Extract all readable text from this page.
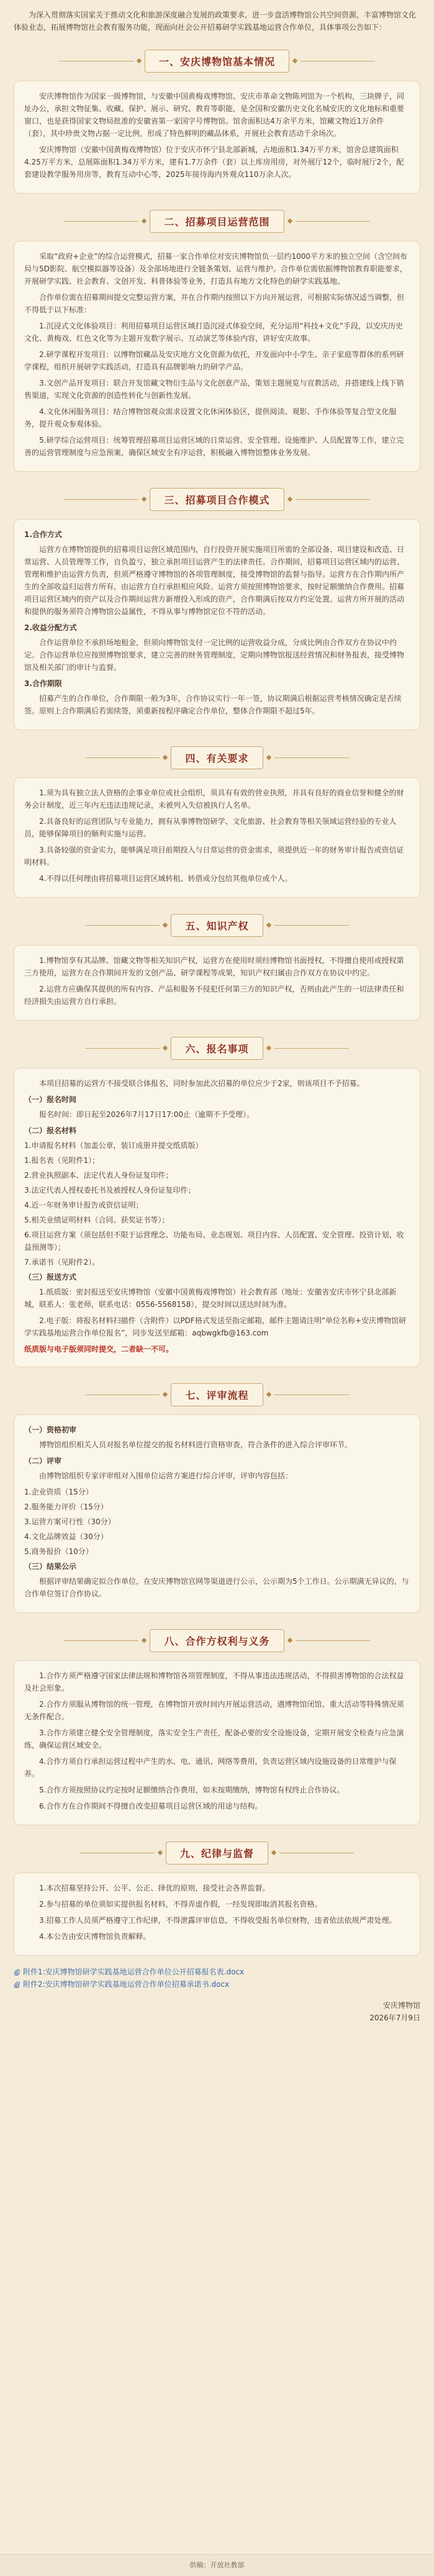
为深入贯彻落实国家关于推动文化和旅游深度融合发展的政策要求，进一步盘活博物馆公共空间资源，丰富博物馆文化体验业态，拓展博物馆社会教育服务功能，现面向社会公开招募研学实践基地运营合作单位，具体事项公告如下：

一、安庆博物馆基本情况

安庆博物馆作为国家一级博物馆，与安徽中国黄梅戏博物馆、安庆市革命文物陈列馆为一个机构，三块牌子，同址办公，承担文物征集、收藏、保护、展示、研究、教育等职能，是全国和安徽历史文化名城安庆的文化地标和重要窗口，也是获得国家文物局批准的安徽省第一家国字号博物馆。馆舍面积达4万余平方米，馆藏文物近1万余件（套），其中珍贵文物占据一定比例，形成了特色鲜明的藏品体系，开展社会教育活动千余场次。

安庆博物馆（安徽中国黄梅戏博物馆）位于安庆市怀宁县北部新城，占地面积1.34万平方米，馆舍总建筑面积4.25万平方米，总展陈面积1.34万平方米，建有1.7万余件（套）以上库房用房，对外展厅12个，临时展厅2个，配套建设教学服务用房等，教育互动中心等，2025年接待海内外观众110万余人次。

二、招募项目运营范围

采取“政府+企业”的综合运营模式，招募一家合作单位对安庆博物馆负一层约1000平方米的独立空间（含空间布局与5D影院、航空模拟器等设备）及全部场地进行全链条策划、运营与维护。合作单位需依据博物馆教育职能要求，开展研学实践、社会教育、文创开发、科普体验等业务，打造具有地方文化特色的研学实践基地。

合作单位需在招募期间提交完整运营方案，并在合作期内按照以下方向开展运营，可根据实际情况适当调整，但不得低于以下标准：

1.沉浸式文化体验项目：利用招募项目运营区域打造沉浸式体验空间，充分运用“科技+文化”手段，以安庆历史文化、黄梅戏、红色文化等为主题开发数字展示、互动演艺等体验内容，讲好安庆故事。

2.研学课程开发项目：以博物馆藏品及安庆地方文化资源为依托，开发面向中小学生、亲子家庭等群体的系列研学课程，组织开展研学实践活动，打造具有品牌影响力的研学产品。

3.文创产品开发项目：联合开发馆藏文物衍生品与文化创意产品，策划主题展览与宣教活动，并搭建线上线下销售渠道，实现文化资源的创造性转化与创新性发展。

4.文化休闲服务项目：结合博物馆观众需求设置文化休闲体验区，提供阅读、观影、手作体验等复合型文化服务，提升观众参观体验。

5.研学综合运营项目：统筹管理招募项目运营区域的日常运营、安全管理、设施维护、人员配置等工作，建立完善的运营管理制度与应急预案，确保区域安全有序运营，积极融入博物馆整体业务发展。

三、招募项目合作模式

1.合作方式

运营方在博物馆提供的招募项目运营区域范围内，自行投资开展实施项目所需的全部设备、项目建设和改造、日常运营、人员管理等工作，自负盈亏，独立承担项目运营产生的法律责任。合作期间，招募项目运营区域内的运营、管理和维护由运营方负责，但须严格遵守博物馆的各项管理制度，接受博物馆的监督与指导。运营方在合作期内所产生的全部收益归运营方所有，由运营方自行承担相应风险。运营方须按照博物馆要求，按时足额缴纳合作费用。招募项目运营区域内的资产以及合作期间运营方新增投入形成的资产，合作期满后按双方约定处置。运营方所开展的活动和提供的服务须符合博物馆公益属性，不得从事与博物馆定位不符的活动。

2.收益分配方式

合作运营单位不承担场地租金，但须向博物馆支付一定比例的运营收益分成，分成比例由合作双方在协议中约定。合作运营单位应按照博物馆要求，建立完善的财务管理制度，定期向博物馆报送经营情况和财务报表，接受博物馆及相关部门的审计与监督。

3.合作期限

招募产生的合作单位，合作期限一般为3年，合作协议实行一年一签，协议期满后根据运营考核情况确定是否续签。原则上合作期满后若需续签，须重新按程序确定合作单位，整体合作期限不超过5年。

四、有关要求

1.须为具有独立法人资格的企事业单位或社会组织，须具有有效的营业执照，并具有良好的商业信誉和健全的财务会计制度，近三年内无违法违规记录，未被列入失信被执行人名单。

2.具备良好的运营团队与专业能力，拥有从事博物馆研学、文化旅游、社会教育等相关领域运营经验的专业人员，能够保障项目的顺利实施与运营。

3.具备较强的资金实力，能够满足项目前期投入与日常运营的资金需求，须提供近一年的财务审计报告或资信证明材料。

4.不得以任何理由将招募项目运营区域转租、转借或分包给其他单位或个人。

五、知识产权

1.博物馆享有其品牌、馆藏文物等相关知识产权，运营方在使用时须经博物馆书面授权，不得擅自使用或授权第三方使用，运营方在合作期间开发的文创产品、研学课程等成果，知识产权归属由合作双方在协议中约定。

2.运营方应确保其提供的所有内容、产品和服务不侵犯任何第三方的知识产权，否则由此产生的一切法律责任和经济损失由运营方自行承担。

六、报名事项

本项目招募的运营方不接受联合体报名，同时参加此次招募的单位应少于2家，则该项目不予招募。

（一）报名时间

报名时间：即日起至2026年7月17日17:00止（逾期不予受理）。

（二）报名材料

1.申请报名材料（加盖公章，装订成册并提交纸质版）

1.报名表（见附件1）；
2.营业执照副本、法定代表人身份证复印件；
3.法定代表人授权委托书及被授权人身份证复印件；
4.近一年财务审计报告或资信证明；
5.相关业绩证明材料（合同、获奖证书等）；
6.项目运营方案（须包括但不限于运营理念、功能布局、业态规划、项目内容、人员配置、安全管理、投资计划、收益预测等）；
7.承诺书（见附件2）。

（三）报送方式

1.纸质版：密封报送至安庆博物馆（安徽中国黄梅戏博物馆）社会教育部（地址：安徽省安庆市怀宁县北部新城，联系人：张老师，联系电话：0556-5568158），提交时间以送达时间为准。

2.电子版：将报名材料扫描件（含附件）以PDF格式发送至指定邮箱，邮件主题请注明“单位名称+安庆博物馆研学实践基地运营合作单位报名”，同步发送至邮箱：aqbwgkfb@163.com

纸质版与电子版须同时提交，二者缺一不可。

七、评审流程

（一）资格初审

博物馆组织相关人员对报名单位提交的报名材料进行资格审查，符合条件的进入综合评审环节。

（二）评审

由博物馆组织专家评审组对入围单位运营方案进行综合评审，评审内容包括：

1.企业资质（15分）
2.服务能力评价（15分）
3.运营方案可行性（30分）
4.文化品牌效益（30分）
5.商务报价（10分）

（三）结果公示

根据评审结果确定拟合作单位，在安庆博物馆官网等渠道进行公示，公示期为5个工作日。公示期满无异议的，与合作单位签订合作协议。

八、合作方权利与义务

1.合作方须严格遵守国家法律法规和博物馆各项管理制度，不得从事违法违规活动，不得损害博物馆的合法权益及社会形象。

2.合作方须服从博物馆的统一管理，在博物馆开放时间内开展运营活动，遇博物馆闭馆、重大活动等特殊情况须无条件配合。

3.合作方须建立健全安全管理制度，落实安全生产责任，配备必要的安全设施设备，定期开展安全检查与应急演练，确保运营区域安全。

4.合作方须自行承担运营过程中产生的水、电、通讯、网络等费用，负责运营区域内设施设备的日常维护与保养。

5.合作方须按照协议约定按时足额缴纳合作费用，如未按期缴纳，博物馆有权终止合作协议。

6.合作方在合作期间不得擅自改变招募项目运营区域的用途与结构。

九、纪律与监督

1.本次招募坚持公开、公平、公正、择优的原则，接受社会各界监督。

2.参与招募的单位须如实提供报名材料，不得弄虚作假，一经发现即取消其报名资格。

3.招募工作人员须严格遵守工作纪律，不得泄露评审信息，不得收受报名单位财物，违者依法依规严肃处理。

4.本公告由安庆博物馆负责解释。

附件1:安庆博物馆研学实践基地运营合作单位公开招募报名表.docx
附件2:安庆博物馆研学实践基地运营合作单位招募承诺书.docx
安庆博物馆
2026年7月9日
供稿：开放社教部
